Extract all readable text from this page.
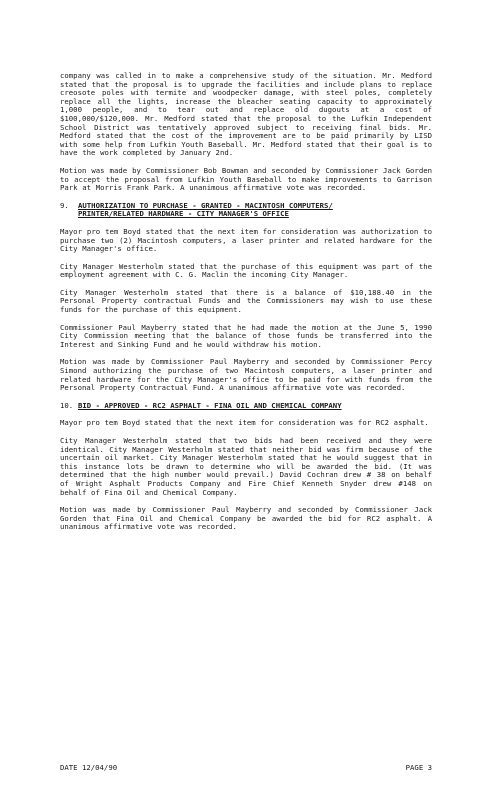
company was called in to make a comprehensive study of the situation. Mr. Medford stated that the proposal is to upgrade the facilities and include plans to replace creosote poles with termite and woodpecker damage, with steel poles, completely replace all the lights, increase the bleacher seating capacity to approximately 1,000 people, and to tear out and replace old dugouts at a cost of $100,000/$120,000. Mr. Medford stated that the proposal to the Lufkin Independent School District was tentatively approved subject to receiving final bids. Mr. Medford stated that the cost of the improvement are to be paid primarily by LISD with some help from Lufkin Youth Baseball. Mr. Medford stated that their goal is to have the work completed by January 2nd.

Motion was made by Commissioner Bob Bowman and seconded by Commissioner Jack Gorden to accept the proposal from Lufkin Youth Baseball to make improvements to Garrison Park at Morris Frank Park. A unanimous affirmative vote was recorded.

9. AUTHORIZATION TO PURCHASE - GRANTED - MACINTOSH COMPUTERS/
PRINTER/RELATED HARDWARE - CITY MANAGER'S OFFICE

Mayor pro tem Boyd stated that the next item for consideration was authorization to purchase two (2) Macintosh computers, a laser printer and related hardware for the City Manager's office.

City Manager Westerholm stated that the purchase of this equipment was part of the employment agreement with C. G. Maclin the incoming City Manager.

City Manager Westerholm stated that there is a balance of $10,188.40 in the Personal Property contractual Funds and the Commissioners may wish to use these funds for the purchase of this equipment.

Commissioner Paul Mayberry stated that he had made the motion at the June 5, 1990 City Commission meeting that the balance of those funds be transferred into the Interest and Sinking Fund and he would withdraw his motion.

Motion was made by Commissioner Paul Mayberry and seconded by Commissioner Percy Simond authorizing the purchase of two Macintosh computers, a laser printer and related hardware for the City Manager's office to be paid for with funds from the Personal Property Contractual Fund. A unanimous affirmative vote was recorded.

10. BID - APPROVED - RC2 ASPHALT - FINA OIL AND CHEMICAL COMPANY

Mayor pro tem Boyd stated that the next item for consideration was for RC2 asphalt.

City Manager Westerholm stated that two bids had been received and they were identical. City Manager Westerholm stated that neither bid was firm because of the uncertain oil market. City Manager Westerholm stated that he would suggest that in this instance lots be drawn to determine who will be awarded the bid. (It was determined that the high number would prevail.) David Cochran drew # 38 on behalf of Wright Asphalt Products Company and Fire Chief Kenneth Snyder drew #148 on behalf of Fina Oil and Chemical Company.

Motion was made by Commissioner Paul Mayberry and seconded by Commissioner Jack Gorden that Fina Oil and Chemical Company be awarded the bid for RC2 asphalt. A unanimous affirmative vote was recorded.

DATE 12/04/90	PAGE 3
